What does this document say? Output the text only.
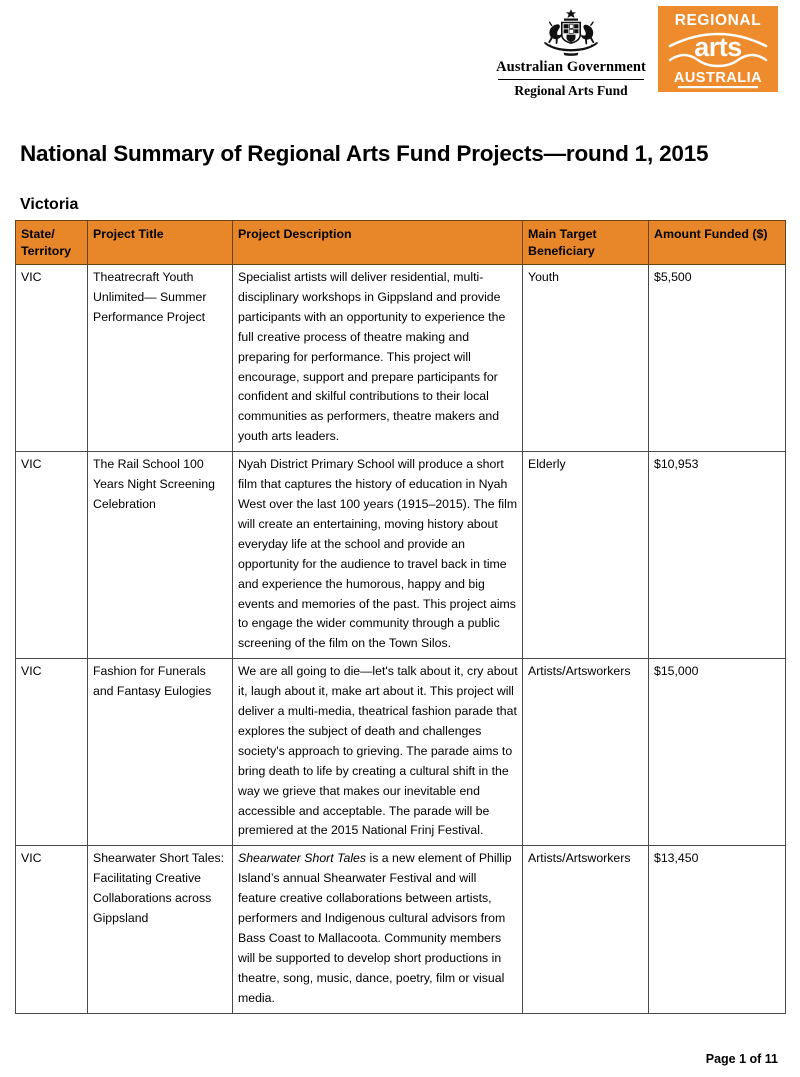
Australian Government
Regional Arts Fund
REGIONAL
arts
AUSTRALIA
National Summary of Regional Arts Fund Projects—round 1, 2015
Victoria
State/ Territory	Project Title	Project Description	Main Target Beneficiary	Amount Funded ($)
VIC	Theatrecraft Youth Unlimited— Summer Performance Project	Specialist artists will deliver residential, multi-disciplinary workshops in Gippsland and provide participants with an opportunity to experience the full creative process of theatre making and preparing for performance. This project will encourage, support and prepare participants for confident and skilful contributions to their local communities as performers, theatre makers and youth arts leaders.	Youth	$5,500
VIC	The Rail School 100 Years Night Screening Celebration	Nyah District Primary School will produce a short film that captures the history of education in Nyah West over the last 100 years (1915–2015). The film will create an entertaining, moving history about everyday life at the school and provide an opportunity for the audience to travel back in time and experience the humorous, happy and big events and memories of the past. This project aims to engage the wider community through a public screening of the film on the Town Silos.	Elderly	$10,953
VIC	Fashion for Funerals and Fantasy Eulogies	We are all going to die—let's talk about it, cry about it, laugh about it, make art about it. This project will deliver a multi-media, theatrical fashion parade that explores the subject of death and challenges society's approach to grieving. The parade aims to bring death to life by creating a cultural shift in the way we grieve that makes our inevitable end accessible and acceptable. The parade will be premiered at the 2015 National Frinj Festival.	Artists/Artsworkers	$15,000
VIC	Shearwater Short Tales: Facilitating Creative Collaborations across Gippsland	Shearwater Short Tales is a new element of Phillip Island’s annual Shearwater Festival and will feature creative collaborations between artists, performers and Indigenous cultural advisors from Bass Coast to Mallacoota. Community members will be supported to develop short productions in theatre, song, music, dance, poetry, film or visual media.	Artists/Artsworkers	$13,450
Page 1 of 11
